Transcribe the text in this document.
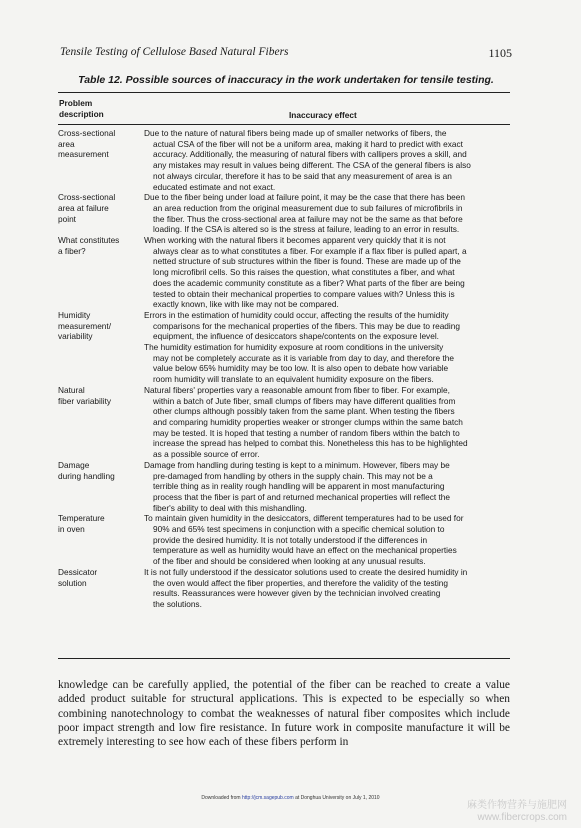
Tensile Testing of Cellulose Based Natural Fibers	1105
Table 12. Possible sources of inaccuracy in the work undertaken for tensile testing.
Problem
description	Inaccuracy effect
Cross-sectional
area
measurement

Due to the nature of natural fibers being made up of smaller networks of fibers, the
actual CSA of the fiber will not be a uniform area, making it hard to predict with exact
accuracy. Additionally, the measuring of natural fibers with callipers proves a skill, and
any mistakes may result in values being different. The CSA of the general fibers is also
not always circular, therefore it has to be said that any measurement of area is an
educated estimate and not exact.

Cross-sectional
area at failure
point

Due to the fiber being under load at failure point, it may be the case that there has been
an area reduction from the original measurement due to sub failures of microfibrils in
the fiber. Thus the cross-sectional area at failure may not be the same as that before
loading. If the CSA is altered so is the stress at failure, leading to an error in results.

What constitutes
a fiber?

When working with the natural fibers it becomes apparent very quickly that it is not
always clear as to what constitutes a fiber. For example if a flax fiber is pulled apart, a
netted structure of sub structures within the fiber is found. These are made up of the
long microfibril cells. So this raises the question, what constitutes a fiber, and what
does the academic community constitute as a fiber? What parts of the fiber are being
tested to obtain their mechanical properties to compare values with? Unless this is
exactly known, like with like may not be compared.

Humidity
measurement/
variability

Errors in the estimation of humidity could occur, affecting the results of the humidity
comparisons for the mechanical properties of the fibers. This may be due to reading
equipment, the influence of desiccators shape/contents on the exposure level.

The humidity estimation for humidity exposure at room conditions in the university
may not be completely accurate as it is variable from day to day, and therefore the
value below 65% humidity may be too low. It is also open to debate how variable
room humidity will translate to an equivalent humidity exposure on the fibers.

Natural
fiber variability

Natural fibers' properties vary a reasonable amount from fiber to fiber. For example,
within a batch of Jute fiber, small clumps of fibers may have different qualities from
other clumps although possibly taken from the same plant. When testing the fibers
and comparing humidity properties weaker or stronger clumps within the same batch
may be tested. It is hoped that testing a number of random fibers within the batch to
increase the spread has helped to combat this. Nonetheless this has to be highlighted
as a possible source of error.

Damage
during handling

Damage from handling during testing is kept to a minimum. However, fibers may be
pre-damaged from handling by others in the supply chain. This may not be a
terrible thing as in reality rough handling will be apparent in most manufacturing
process that the fiber is part of and returned mechanical properties will reflect the
fiber's ability to deal with this mishandling.

Temperature
in oven

To maintain given humidity in the desiccators, different temperatures had to be used for
90% and 65% test specimens in conjunction with a specific chemical solution to
provide the desired humidity. It is not totally understood if the differences in
temperature as well as humidity would have an effect on the mechanical properties
of the fiber and should be considered when looking at any unusual results.

Dessicator
solution

It is not fully understood if the dessicator solutions used to create the desired humidity in
the oven would affect the fiber properties, and therefore the validity of the testing
results. Reassurances were however given by the technician involved creating
the solutions.

knowledge can be carefully applied, the potential of the fiber can be reached to create a value added product suitable for structural applications. This is expected to be especially so when combining nanotechnology to combat the weaknesses of natural fiber composites which include poor impact strength and low fire resistance. In future work in composite manufacture it will be extremely interesting to see how each of these fibers perform in
Downloaded from http://jcm.sagepub.com at Donghua University on July 1, 2010
麻类作物营养与施肥网
www.fibercrops.com
